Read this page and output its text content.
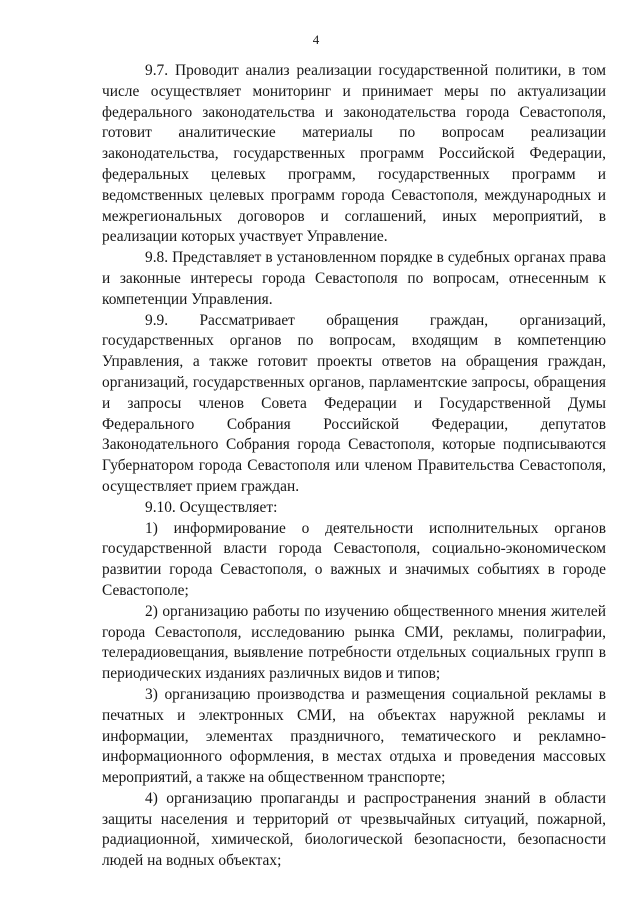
4

9.7. Проводит анализ реализации государственной политики, в том числе осуществляет мониторинг и принимает меры по актуализации федерального законодательства и законодательства города Севастополя, готовит аналитические материалы по вопросам реализации законодательства, государственных программ Российской Федерации, федеральных целевых программ, государственных программ и ведомственных целевых программ города Севастополя, международных и межрегиональных договоров и соглашений, иных мероприятий, в реализации которых участвует Управление.

9.8. Представляет в установленном порядке в судебных органах права и законные интересы города Севастополя по вопросам, отнесенным к компетенции Управления.

9.9. Рассматривает обращения граждан, организаций, государственных органов по вопросам, входящим в компетенцию Управления, а также готовит проекты ответов на обращения граждан, организаций, государственных органов, парламентские запросы, обращения и запросы членов Совета Федерации и Государственной Думы Федерального Собрания Российской Федерации, депутатов Законодательного Собрания города Севастополя, которые подписываются Губернатором города Севастополя или членом Правительства Севастополя, осуществляет прием граждан.

9.10. Осуществляет:

1) информирование о деятельности исполнительных органов государственной власти города Севастополя, социально-экономическом развитии города Севастополя, о важных и значимых событиях в городе Севастополе;

2) организацию работы по изучению общественного мнения жителей города Севастополя, исследованию рынка СМИ, рекламы, полиграфии, телерадиовещания, выявление потребности отдельных социальных групп в периодических изданиях различных видов и типов;

3) организацию производства и размещения социальной рекламы в печатных и электронных СМИ, на объектах наружной рекламы и информации, элементах праздничного, тематического и рекламно-информационного оформления, в местах отдыха и проведения массовых мероприятий, а также на общественном транспорте;

4) организацию пропаганды и распространения знаний в области защиты населения и территорий от чрезвычайных ситуаций, пожарной, радиационной, химической, биологической безопасности, безопасности людей на водных объектах;
